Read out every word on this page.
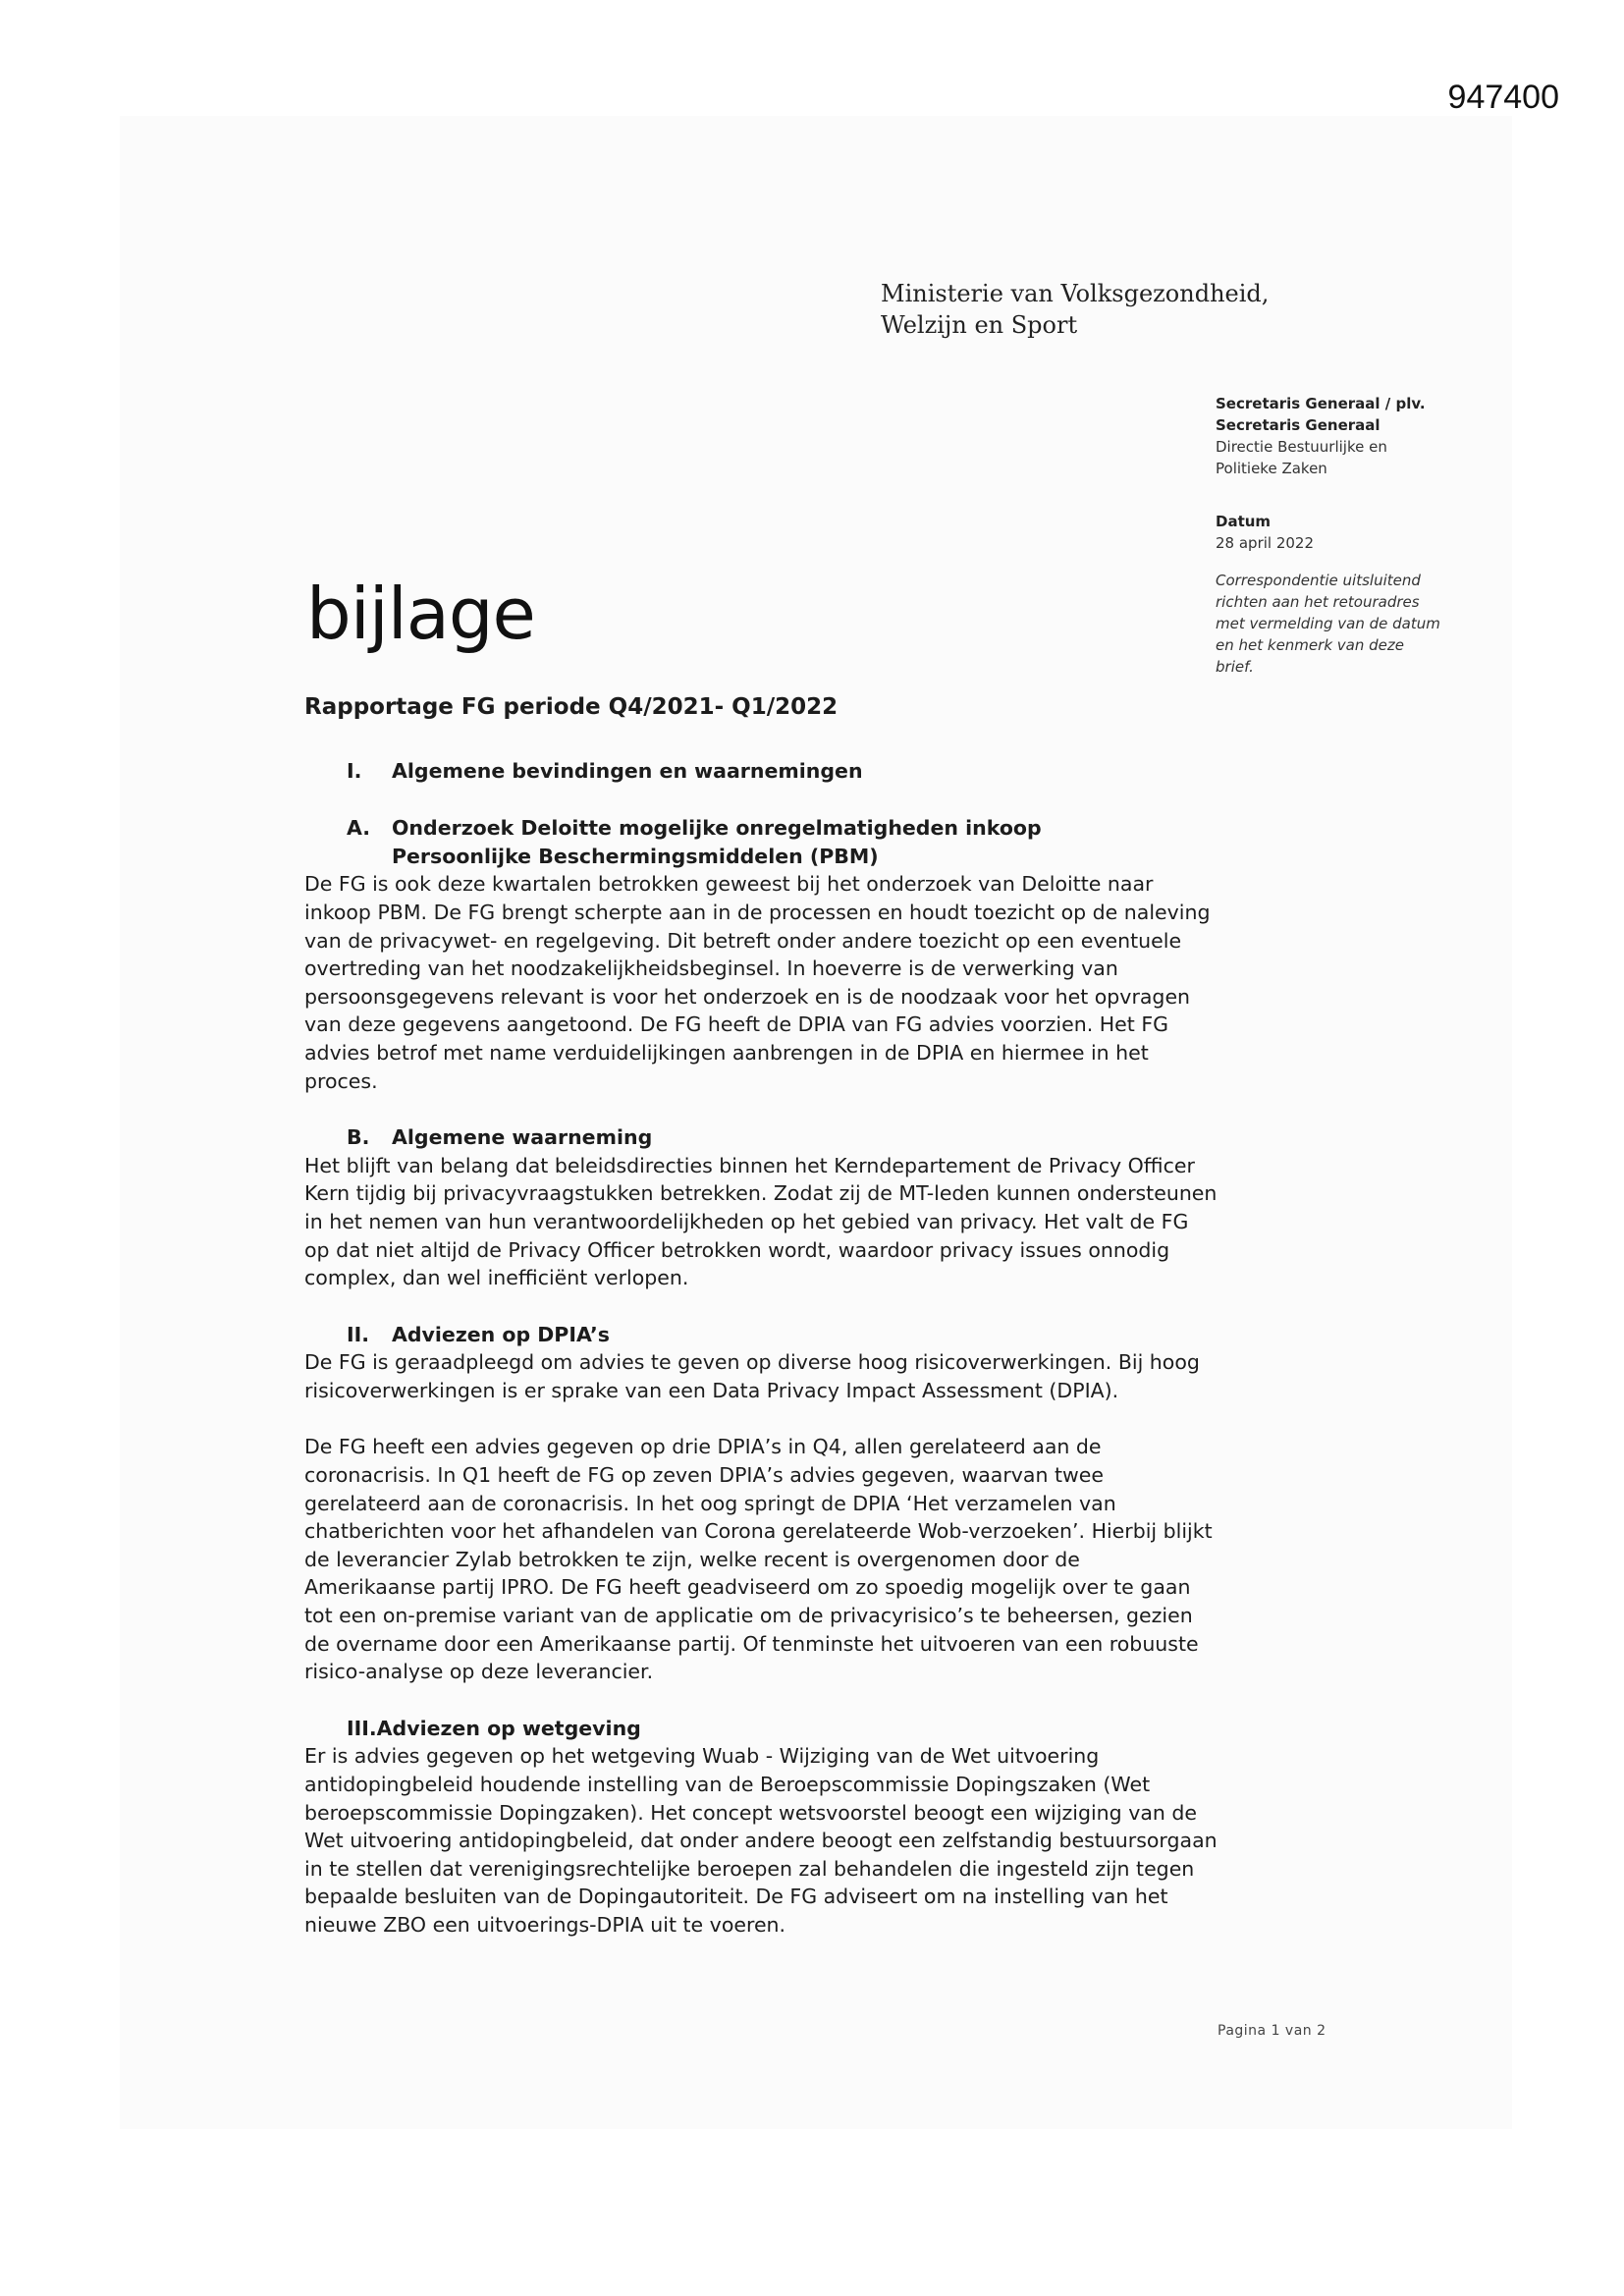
947400
Ministerie van Volksgezondheid,
Welzijn en Sport
Secretaris Generaal / plv.
Secretaris Generaal
Directie Bestuurlijke en
Politieke Zaken
Datum
28 april 2022
Correspondentie uitsluitend
richten aan het retouradres
met vermelding van de datum
en het kenmerk van deze
brief.
bijlage

Rapportage FG periode Q4/2021- Q1/2022

I. Algemene bevindingen en waarnemingen

A. Onderzoek Deloitte mogelijke onregelmatigheden inkoop
Persoonlijke Beschermingsmiddelen (PBM)

De FG is ook deze kwartalen betrokken geweest bij het onderzoek van Deloitte naar inkoop PBM. De FG brengt scherpte aan in de processen en houdt toezicht op de naleving van de privacywet- en regelgeving. Dit betreft onder andere toezicht op een eventuele overtreding van het noodzakelijkheidsbeginsel. In hoeverre is de verwerking van persoonsgegevens relevant is voor het onderzoek en is de noodzaak voor het opvragen van deze gegevens aangetoond. De FG heeft de DPIA van FG advies voorzien. Het FG advies betrof met name verduidelijkingen aanbrengen in de DPIA en hiermee in het proces.

B. Algemene waarneming

Het blijft van belang dat beleidsdirecties binnen het Kerndepartement de Privacy Officer Kern tijdig bij privacyvraagstukken betrekken. Zodat zij de MT-leden kunnen ondersteunen in het nemen van hun verantwoordelijkheden op het gebied van privacy. Het valt de FG op dat niet altijd de Privacy Officer betrokken wordt, waardoor privacy issues onnodig complex, dan wel inefficiënt verlopen.

II. Adviezen op DPIA’s

De FG is geraadpleegd om advies te geven op diverse hoog risicoverwerkingen. Bij hoog risicoverwerkingen is er sprake van een Data Privacy Impact Assessment (DPIA).

De FG heeft een advies gegeven op drie DPIA’s in Q4, allen gerelateerd aan de coronacrisis. In Q1 heeft de FG op zeven DPIA’s advies gegeven, waarvan twee gerelateerd aan de coronacrisis. In het oog springt de DPIA ‘Het verzamelen van chatberichten voor het afhandelen van Corona gerelateerde Wob-verzoeken’. Hierbij blijkt de leverancier Zylab betrokken te zijn, welke recent is overgenomen door de Amerikaanse partij IPRO. De FG heeft geadviseerd om zo spoedig mogelijk over te gaan tot een on-premise variant van de applicatie om de privacyrisico’s te beheersen, gezien de overname door een Amerikaanse partij. Of tenminste het uitvoeren van een robuuste risico-analyse op deze leverancier.

III.Adviezen op wetgeving

Er is advies gegeven op het wetgeving Wuab - Wijziging van de Wet uitvoering antidopingbeleid houdende instelling van de Beroepscommissie Dopingszaken (Wet beroepscommissie Dopingzaken). Het concept wetsvoorstel beoogt een wijziging van de Wet uitvoering antidopingbeleid, dat onder andere beoogt een zelfstandig bestuursorgaan in te stellen dat verenigingsrechtelijke beroepen zal behandelen die ingesteld zijn tegen bepaalde besluiten van de Dopingautoriteit. De FG adviseert om na instelling van het nieuwe ZBO een uitvoerings-DPIA uit te voeren.

Pagina 1 van 2
